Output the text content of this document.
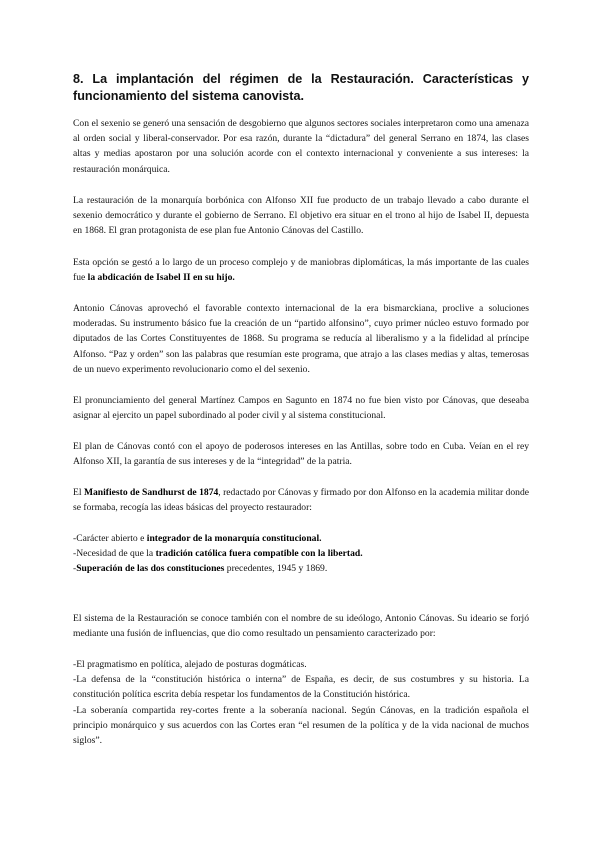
8. La implantación del régimen de la Restauración. Características y funcionamiento del sistema canovista.

Con el sexenio se generó una sensación de desgobierno que algunos sectores sociales interpretaron como una amenaza al orden social y liberal-conservador. Por esa razón, durante la “dictadura” del general Serrano en 1874, las clases altas y medias apostaron por una solución acorde con el contexto internacional y conveniente a sus intereses: la restauración monárquica.

La restauración de la monarquía borbónica con Alfonso XII fue producto de un trabajo llevado a cabo durante el sexenio democrático y durante el gobierno de Serrano. El objetivo era situar en el trono al hijo de Isabel II, depuesta en 1868. El gran protagonista de ese plan fue Antonio Cánovas del Castillo.

Esta opción se gestó a lo largo de un proceso complejo y de maniobras diplomáticas, la más importante de las cuales fue la abdicación de Isabel II en su hijo.

Antonio Cánovas aprovechó el favorable contexto internacional de la era bismarckiana, proclive a soluciones moderadas. Su instrumento básico fue la creación de un “partido alfonsino”, cuyo primer núcleo estuvo formado por diputados de las Cortes Constituyentes de 1868. Su programa se reducía al liberalismo y a la fidelidad al príncipe Alfonso. “Paz y orden” son las palabras que resumían este programa, que atrajo a las clases medias y altas, temerosas de un nuevo experimento revolucionario como el del sexenio.

El pronunciamiento del general Martínez Campos en Sagunto en 1874 no fue bien visto por Cánovas, que deseaba asignar al ejercito un papel subordinado al poder civil y al sistema constitucional.

El plan de Cánovas contó con el apoyo de poderosos intereses en las Antillas, sobre todo en Cuba. Veían en el rey Alfonso XII, la garantía de sus intereses y de la “integridad” de la patria.

El Manifiesto de Sandhurst de 1874, redactado por Cánovas y firmado por don Alfonso en la academia militar donde se formaba, recogía las ideas básicas del proyecto restaurador:

-Carácter abierto e integrador de la monarquía constitucional.
-Necesidad de que la tradición católica fuera compatible con la libertad.
-Superación de las dos constituciones precedentes, 1945 y 1869.

El sistema de la Restauración se conoce también con el nombre de su ideólogo, Antonio Cánovas. Su ideario se forjó mediante una fusión de influencias, que dio como resultado un pensamiento caracterizado por:

-El pragmatismo en política, alejado de posturas dogmáticas.
-La defensa de la “constitución histórica o interna” de España, es decir, de sus costumbres y su historia. La constitución política escrita debía respetar los fundamentos de la Constitución histórica.
-La soberanía compartida rey-cortes frente a la soberanía nacional. Según Cánovas, en la tradición española el principio monárquico y sus acuerdos con las Cortes eran “el resumen de la política y de la vida nacional de muchos siglos”.
